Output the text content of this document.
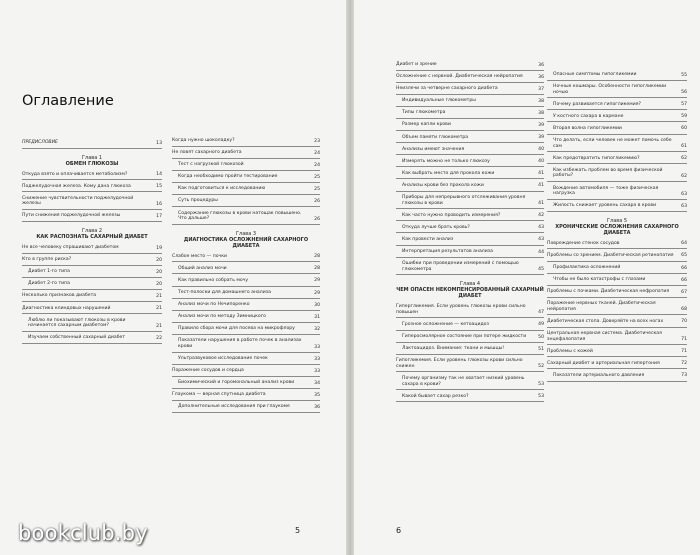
Оглавление
ПРЕДИСЛОВИЕ	13
Глава 1
ОБМЕН ГЛЮКОЗЫ
Откуда взято и оплачивается метаболизм?	14
Поджелудочная железа. Кому дана глюкоза	15
Снижение чувствительности поджелудочной железы	16
Пути снижения поджелудочной железы	17
Глава 2
КАК РАСПОЗНАТЬ САХАРНЫЙ ДИАБЕТ
Не все человеку спрашивают диабетом	19
Кто в группе риска?	20
Диабет 1-го типа	20
Диабет 2-го типа	20
Несколько признаков диабета	21
Диагностика клиндовых нарушений	21
Люблю ли показывают глюкозы в крови начинается сахарным диабетом?	21
Изучаем собственный сахарный диабет	22
Когда нужно шоколадку?	23
Не ловят сахарного диабета	24
Тест с нагрузкой глюкозой	24
Когда необходимо пройти тестирование	25
Как подготовиться к исследованию	25
Суть процедуры	26
Содержание глюкозы в крови натощак повышено. Что дальше?	26
Глава 3
ДИАГНОСТИКА ОСЛОЖНЕНИЙ САХАРНОГО ДИАБЕТА
Слабое место — почки	28
Общий анализ мочи	28
Как правильно собрать мочу	29
Тест-полоски для домашнего анализа	29
Анализ мочи по Нечипоренко	30
Анализ мочи по методу Зимницкого	31
Правило сбора мочи для посева на микрофлору	32
Показатели нарушения в работе почек в анализах крови	33
Ультразвуковое исследование почек	33
Поражение сосудов и сердца	33
Биохимический и горомональный анализ крови	34
Глаукома — верная спутница диабета	35
Дополнительные исследования при глаукоме	36
5
Диабет и зрение	36
Осложнение с нервной. Диабетическая нейропатия	36
Неизлечи за четверне сахарного диабета	37
Индивидуальные глюкометры	38
Типы глюкометра	38
Размер капли крови	39
Объем памяти глюкометра	39
Анализы имеют значения	40
Измерять можно не только глюкозу	40
Как выбрать место для прокола кожи	41
Анализы крови без прокола кожи	41
Приборы для непрерывного отслеживания уровня глюкозы в крови	41
Как часто нужно проводить измерения?	42
Откуда лучше брать кровь?	43
Как провести анализ	43
Интерпретация результатов анализа	44
Ошибки при проведении измерений с помощью глюкометра	45
Глава 4
ЧЕМ ОПАСЕН НЕКОМПЕНСИРОВАННЫЙ САХАРНЫЙ ДИАБЕТ
Гипергликемия. Если уровень глюкозы крови сильно повышен	47
Грозное осложнение — кетоацидоз	49
Гиперосмолярное состояние при потере жидкости	50
Лактоацидоз. Внимание: ткани и мышцы!	51
Гипогликемия. Если уровень глюкозы крови сильно снижен	52
Почему организму так не хватает низкий уровень сахара в крови?	53
Какой бывает сахар резко?	53
Опасные симптомы гипогликемии	55
Ночные кошмары. Особенности гипогликемии ночью	56
Почему развивается гипогликемия?	57
У костного сахара в кармане	59
Вторая волна гипогликемии	60
Что делать, если человек не может помочь себе сам	61
Как предотвратить гипогликемию?	62
Как избежать проблем во время физической работы?	62
Вождение автомобиля — тоже физическая нагрузка	63
Жилость снижает уровень сахара в крови	63
Глава 5
ХРОНИЧЕСКИЕ ОСЛОЖНЕНИЯ САХАРНОГО ДИАБЕТА
Повреждение стенок сосудов	64
Проблемы со зрением. Диабетическая ретинопатия	65
Профилактика осложнений	66
Чтобы не было катастрофы с глазами	66
Проблемы с почками. Диабетическая нефропатия	67
Поражение нервных тканей. Диабетическая нейропатия	68
Диабетическая стопа. Доверяйте на всех ногах	70
Центральная нервная система. Диабетическая энцефалопатия	71
Проблемы с кожей	71
Сахарный диабет и артериальная гипертония	72
Показатели артериального давления	73
6
bookclub.by
